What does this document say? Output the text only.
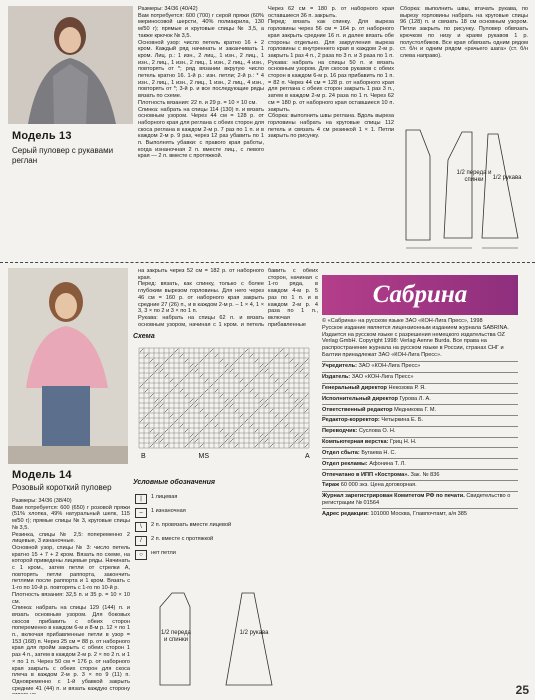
Модель 13
Серый пуловер с рукавами реглан
Размеры: 34/36 (40/42)
Вам потребуется: 600 (700) г серой пряжи (60% мериносовой шерсти, 40% полиакрила, 130 м/50 г); прямые и круговые спицы № 3,5, а также крючок № 3,5.
Основной узор: число петель кратно 16 + 2 кром. Каждый ряд начинать и заканчивать 1 кром. Лиц. р.: 1 изн., 2 лиц., 1 изн., 2 лиц., 1 изн., 2 лиц., 1 изн., 2 лиц., 1 изн., 2 лиц., 4 изн., повторять от *; ряд вязании вкругую число петель кратно 16. 1-й р.: изн. петли; 2-й р.: * 4 изн., 2 лиц., 1 изн., 2 лиц., 1 изн., 2 лиц., 4 изн., повторять от *; 3-й р. и все последующие ряды вязать по схеме.
Плотность вязания: 22 п. и 29 р. = 10 × 10 см.
Спинка: набрать на спицы 114 (130) п. и вязать основным узором. Через 44 см = 128 р. от наборного края для реглана с обеих сторон для скоса реглана в каждом 2-м р. 7 раз по 1 п. и в каждом 2-м р. 9 раз, через 12 раз убавить по 1 п. Выполнять убавки: с правого края работы, когда изнаночная 2 п. вместе лиц., с левого края — 2 п. вместе с протяжкой.
Через 62 см = 180 р. от наборного края оставшиеся 36 п. закрыть.
Перед: вязать как спинку. Для выреза горловины через 56 см = 164 р. от наборного края закрыть средние 16 п. и далее вязать обе стороны отдельно. Для закругления выреза горловины с внутреннего края в каждом 2-м р. закрыть 1 раз 4 п., 2 раза по 3 п. и 3 раза по 1 п.
Рукава: набрать на спицы 50 п. и вязать основным узором. Для скосов рукавов с обеих сторон в каждом 6-м р. 16 раз прибавить по 1 п. = 82 п. Через 44 см = 128 р. от наборного края для реглана с обеих сторон закрыть 1 раз 3 п., затем в каждом 2-м р. 24 раза по 1 п. Через 62 см = 180 р. от наборного края оставшиеся 10 п. закрыть.
Сборка: выполнить швы реглана. Вдоль выреза горловины набрать на круговые спицы 112 петель и связать 4 см резинкой 1 × 1. Петли закрыть по рисунку.
Сборка: выполнить швы, втачать рукава, по вырезу горловины набрать на круговые спицы 96 (128) п. и связать 18 см основным узором. Петли закрыть по рисунку. Пуловер обвязать крючком по низу и краям рукавов 1 р. полустолбиков. Все края обвязать одним рядом ст. б/н и одним рядом «рачьего шага» (ст. б/н слева направо).
1/2 переда и спинки	1/2 рукава
Модель 14
Розовый короткий пуловер
на закрыть через 52 см = 182 р. от наборного края.
Перед: вязать, как спинку, только с более глубоким вырезом горловины. Для него через 46 см = 160 р. от наборного края закрыть средние 27 (26) п., и в каждом 2-м р. – 1 × 4, 1 × 3, 3 × по 2 и 3 × по 1 п.
Рукава: набрать на спицы 62 п. и вязать основным узором, начиная с 1 кром. и петель
бавить с обеих сторон, начиная с 1-го ряда, в каждом 4-м р. 5 раз по 1 п. и в каждом 2-м р. 4 раза по 1 п., включая прибавленные

Размеры: 34/36 (38/40)
Вам потребуется: 600 (650) г розовой пряжи (51% хлопка, 49% натуральный шелк, 115 м/50 г); прямые спицы № 3, круговые спицы № 3,5.
Резинка, спицы № 2,5: попеременно 2 лицевые, 3 изнаночные.
Основной узор, спицы № 3: число петель кратно 15 + 7 + 2 кром. Вязать по схеме, на которой приведены лицевые ряды. Начинать с 1 кром., затем петли от стрелки A, повторять петли раппорта, закончить петлями после раппорта и 1 кром. Вязать с 1-го по 10-й р. повторять с 1-го по 10-й р.
Плотность вязания: 32,5 п. и 35 р. = 10 × 10 см.
Спинка: набрать на спицы 129 (144) п. и вязать основным узором. Для боковых скосов прибавить с обеих сторон попеременно в каждом 6-м и 8-м р. 12 × по 1 п., включая прибавленные петли в узор = 153 (168) п. Через 25 см = 88 р. от наборного края для пройм закрыть с обеих сторон 1 раз 4 п., затем в каждом 2-м р. 2 × по 2 п. и 1 × по 1 п. Через 50 см = 176 р. от наборного края закрыть с обеих сторон для скоса плеча в каждом 2-м р. 3 × по 9 (11) п. Одновременно с 1-й убавкой закрыть средние 41 (44) п. и вязать каждую сторону
Сабрина
© «Сабрина» на русском языке ЗАО «КОН-Лига Пресс», 1998
Русское издание является лицензионным изданием журнала SABRINA. Издается на русском языке с разрешения немецкого издательства OZ Verlag GmbH. Copyright 1998: Verlag Aenne Burda. Все права на распространение журнала на русском языке в России, странах СНГ и Балтии принадлежат ЗАО «КОН-Лига Пресс».
Учредитель: ЗАО «КОН-Лига Пресс»
Издатель: ЗАО «КОН-Лига Пресс»
Генеральный директор Некозова Р. Я.
Исполнительный директор Гурова Л. А.
Ответственный редактор Медникова Г. М.
Редактор-корректор: Четыркина Е. Б.
Переводчик: Суслова О. Н.
Компьютерная верстка: Гриц Н. Н.
Отдел сбыта: Бугаева Н. С.
Отдел рекламы: Афонина Т. Л.
Отпечатано в ИПП «Кострома». Зак. № 836
Тираж 60 000 экз. Цена договорная.
Журнал зарегистрирован Комитетом РФ по печати. Свидетельство о регистрации № 01564
Адрес редакции: 101000 Москва, Главпочтамт, а/я 385
Схема
B	MS	A
Условные обозначения
|	1 лицевая
–	1 изнаночная
\	2 п. провязать вместе лицевой
/	2 п. вместе с протяжкой
○	нет петли
1/2 переда и спинки
1/2 рукава
25
